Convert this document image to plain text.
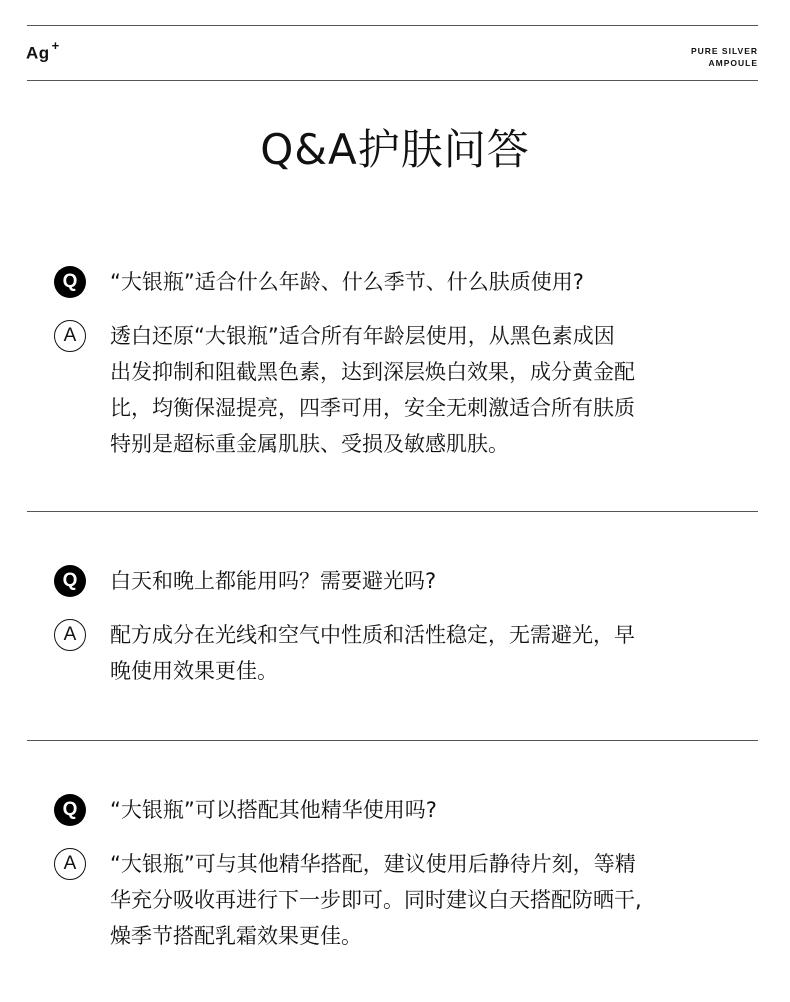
Ag +	PURE SILVER
AMPOULE
Q&A护肤问答
Q	“大银瓶”适合什么年龄、什么季节、什么肤质使用?
A	透白还原“大银瓶”适合所有年龄层使用，从黑色素成因
出发抑制和阻截黑色素，达到深层焕白效果，成分黄金配
比，均衡保湿提亮，四季可用，安全无刺激适合所有肤质
特别是超标重金属肌肤、受损及敏感肌肤。
Q	白天和晚上都能用吗？需要避光吗?
A	配方成分在光线和空气中性质和活性稳定，无需避光，早
晚使用效果更佳。
Q	“大银瓶”可以搭配其他精华使用吗?
A	“大银瓶”可与其他精华搭配，建议使用后静待片刻，等精
华充分吸收再进行下一步即可。同时建议白天搭配防晒干,
燥季节搭配乳霜效果更佳。
